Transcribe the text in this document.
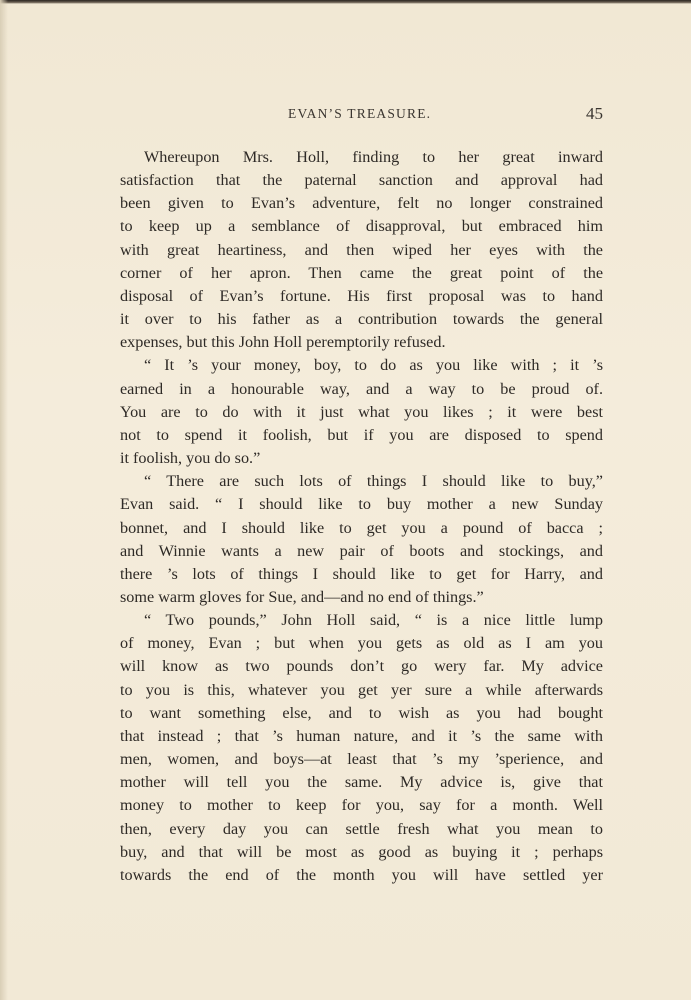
EVAN’S TREASURE.	45
Whereupon Mrs. Holl, finding to her great inward
satisfaction that the paternal sanction and approval had
been given to Evan’s adventure, felt no longer constrained
to keep up a semblance of disapproval, but embraced him
with great heartiness, and then wiped her eyes with the
corner of her apron. Then came the great point of the
disposal of Evan’s fortune. His first proposal was to hand
it over to his father as a contribution towards the general
expenses, but this John Holl peremptorily refused.
“ It ’s your money, boy, to do as you like with ; it ’s
earned in a honourable way, and a way to be proud of.
You are to do with it just what you likes ; it were best
not to spend it foolish, but if you are disposed to spend
it foolish, you do so.”
“ There are such lots of things I should like to buy,”
Evan said. “ I should like to buy mother a new Sunday
bonnet, and I should like to get you a pound of bacca ;
and Winnie wants a new pair of boots and stockings, and
there ’s lots of things I should like to get for Harry, and
some warm gloves for Sue, and—and no end of things.”
“ Two pounds,” John Holl said, “ is a nice little lump
of money, Evan ; but when you gets as old as I am you
will know as two pounds don’t go wery far. My advice
to you is this, whatever you get yer sure a while afterwards
to want something else, and to wish as you had bought
that instead ; that ’s human nature, and it ’s the same with
men, women, and boys—at least that ’s my ’sperience, and
mother will tell you the same. My advice is, give that
money to mother to keep for you, say for a month. Well
then, every day you can settle fresh what you mean to
buy, and that will be most as good as buying it ; perhaps
towards the end of the month you will have settled yer
